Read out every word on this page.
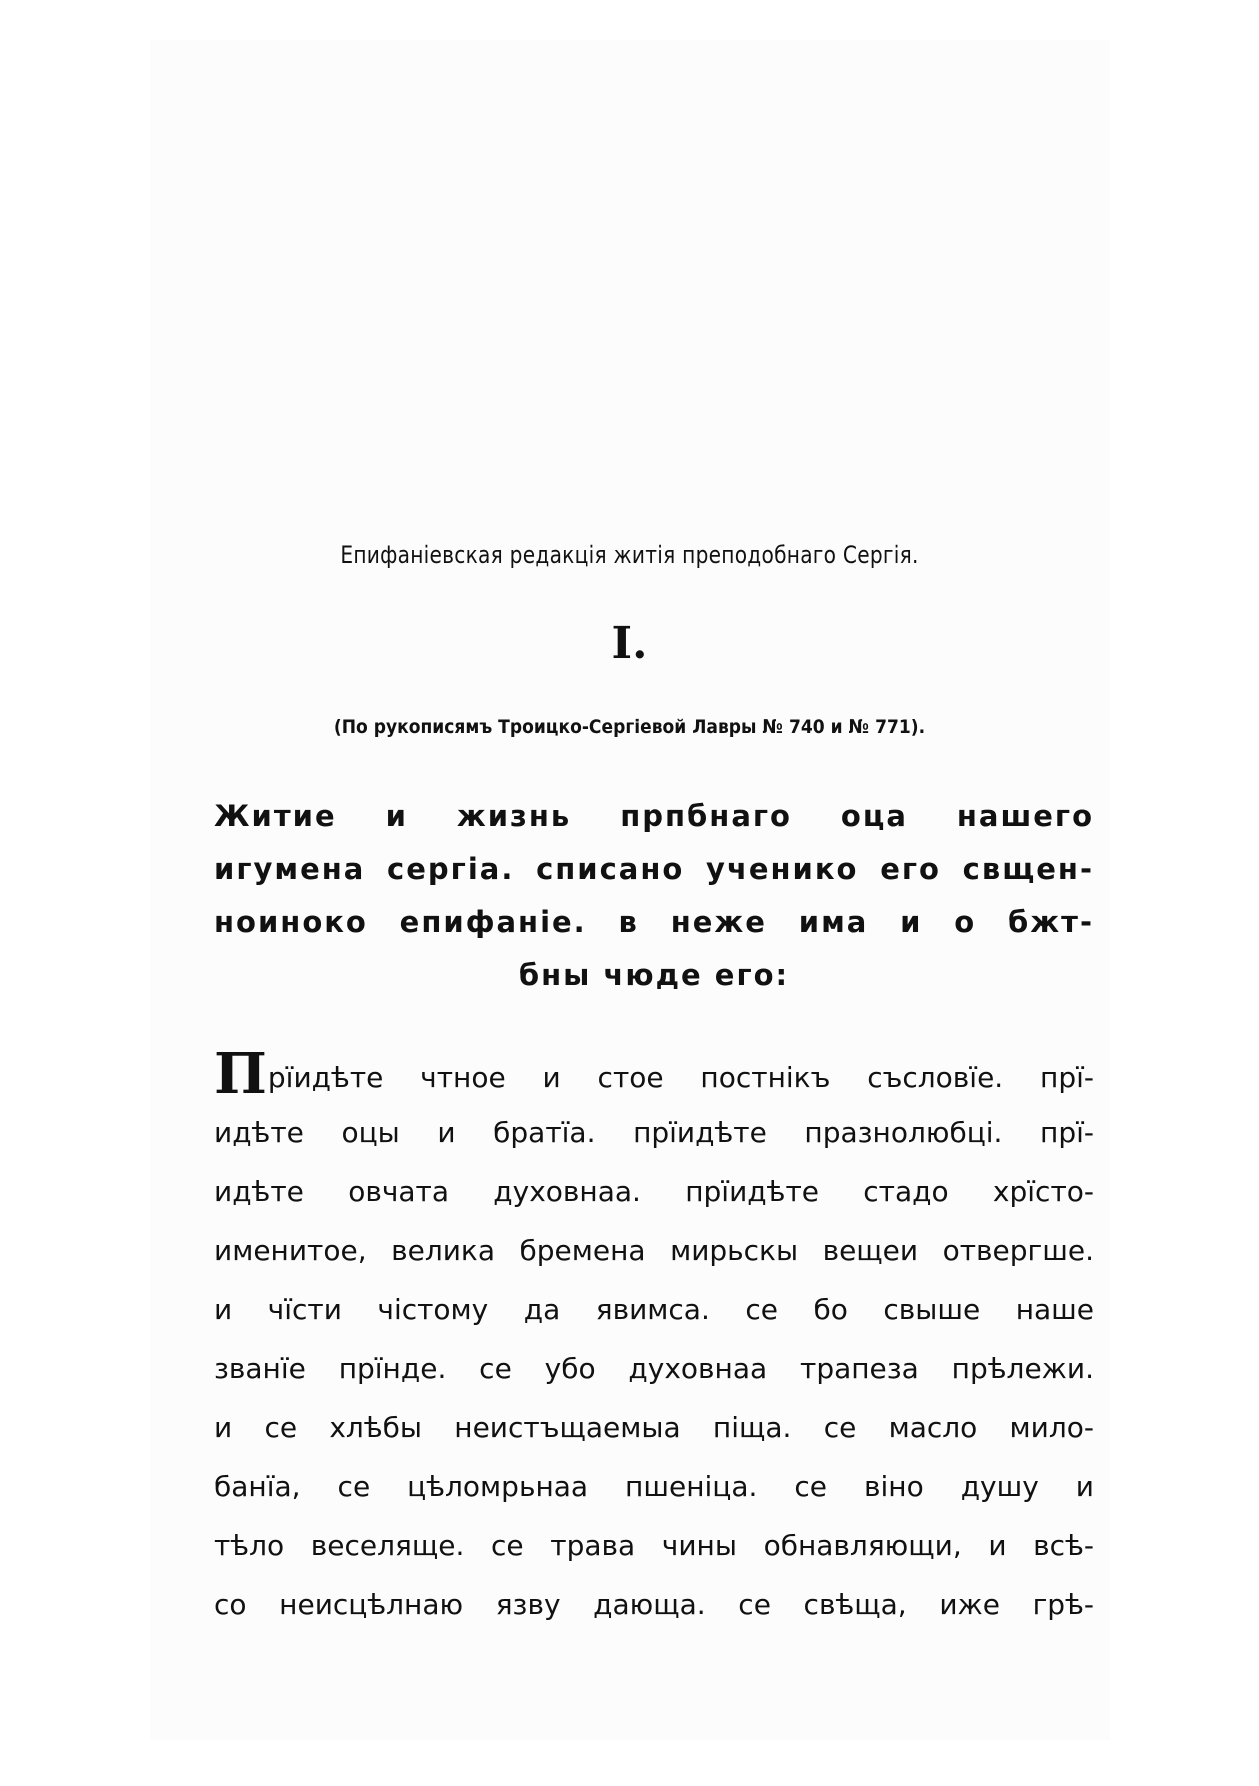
Епифаніевская редакція житія преподобнаго Сергія.
I.
(По рукописямъ Троицко-Сергіевой Лавры № 740 и № 771).
Житие и жизнь прпбнаго оца нашего
игумена сергіа. списано ученико его свщен-
ноиноко епифаніе. в неже има и о бжт-
бны чюде его:
Прїидѣте чтное и стое постнікъ съсловїе. прї-
идѣте оцы и братїа. прїидѣте празнолюбці. прї-
идѣте овчата духовнаа. прїидѣте стадо хрїсто-
именитое, велика бремена мирьскы вещеи отвергше.
и чїсти чістому да явимса. се бо свыше наше
званїе прїнде. се убо духовнаа трапеза прѣлежи.
и се хлѣбы неистъщаемыа піща. се масло мило-
банїа, се цѣломрьнаа пшеніца. се віно душу и
тѣло веселяще. се трава чины обнавляющи, и всѣ-
со неисцѣлнаю язву дающа. се свѣща, иже грѣ-
